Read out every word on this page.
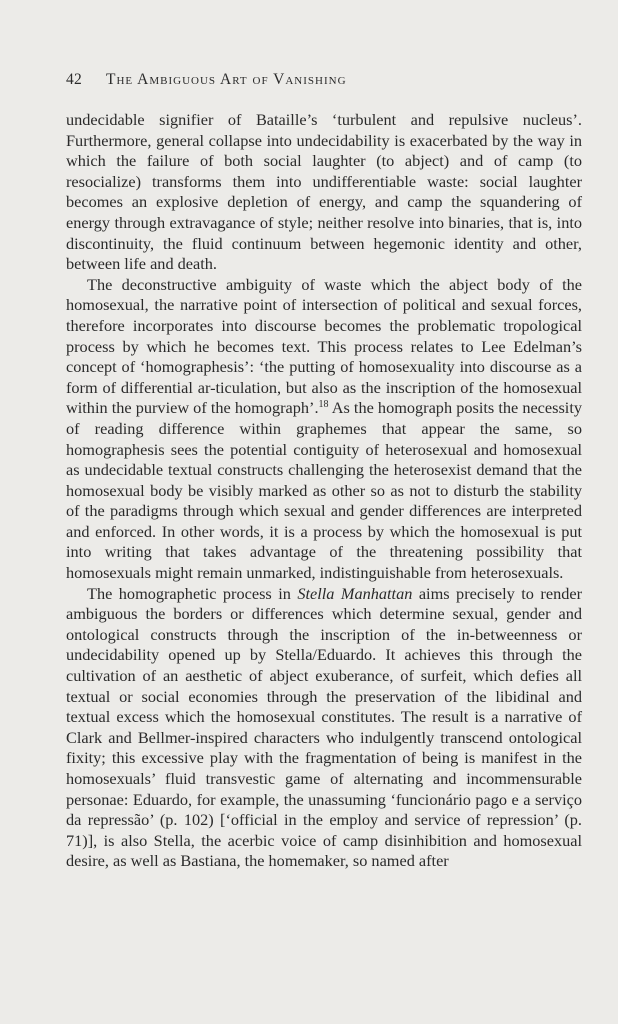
42 The Ambiguous Art of Vanishing

undecidable signifier of Bataille’s ‘turbulent and repulsive nucleus’. Furthermore, general collapse into undecidability is exacerbated by the way in which the failure of both social laughter (to abject) and of camp (to resocialize) transforms them into undifferentiable waste: social laughter becomes an explosive depletion of energy, and camp the squandering of energy through extravagance of style; neither resolve into binaries, that is, into discontinuity, the fluid continuum between hegemonic identity and other, between life and death.

The deconstructive ambiguity of waste which the abject body of the homosexual, the narrative point of intersection of political and sexual forces, therefore incorporates into discourse becomes the problematic tropological process by which he becomes text. This process relates to Lee Edelman’s concept of ‘homographesis’: ‘the putting of homosexuality into discourse as a form of differential ar-ticulation, but also as the inscription of the homosexual within the purview of the homograph’.$^{18}$ As the homograph posits the necessity of reading difference within graphemes that appear the same, so homographesis sees the potential contiguity of heterosexual and homosexual as undecidable textual constructs challenging the heterosexist demand that the homosexual body be visibly marked as other so as not to disturb the stability of the paradigms through which sexual and gender differences are interpreted and enforced. In other words, it is a process by which the homosexual is put into writing that takes advantage of the threatening possibility that homosexuals might remain unmarked, indistinguishable from heterosexuals.

The homographetic process in Stella Manhattan aims precisely to render ambiguous the borders or differences which determine sexual, gender and ontological constructs through the inscription of the in-betweenness or undecidability opened up by Stella/Eduardo. It achieves this through the cultivation of an aesthetic of abject exuberance, of surfeit, which defies all textual or social economies through the preservation of the libidinal and textual excess which the homosexual constitutes. The result is a narrative of Clark and Bellmer-inspired characters who indulgently transcend ontological fixity; this excessive play with the fragmentation of being is manifest in the homosexuals’ fluid transvestic game of alternating and incommensurable personae: Eduardo, for example, the unassuming ‘funcionário pago e a serviço da repressão’ (p. 102) [‘official in the employ and service of repression’ (p. 71)], is also Stella, the acerbic voice of camp disinhibition and homosexual desire, as well as Bastiana, the homemaker, so named after
